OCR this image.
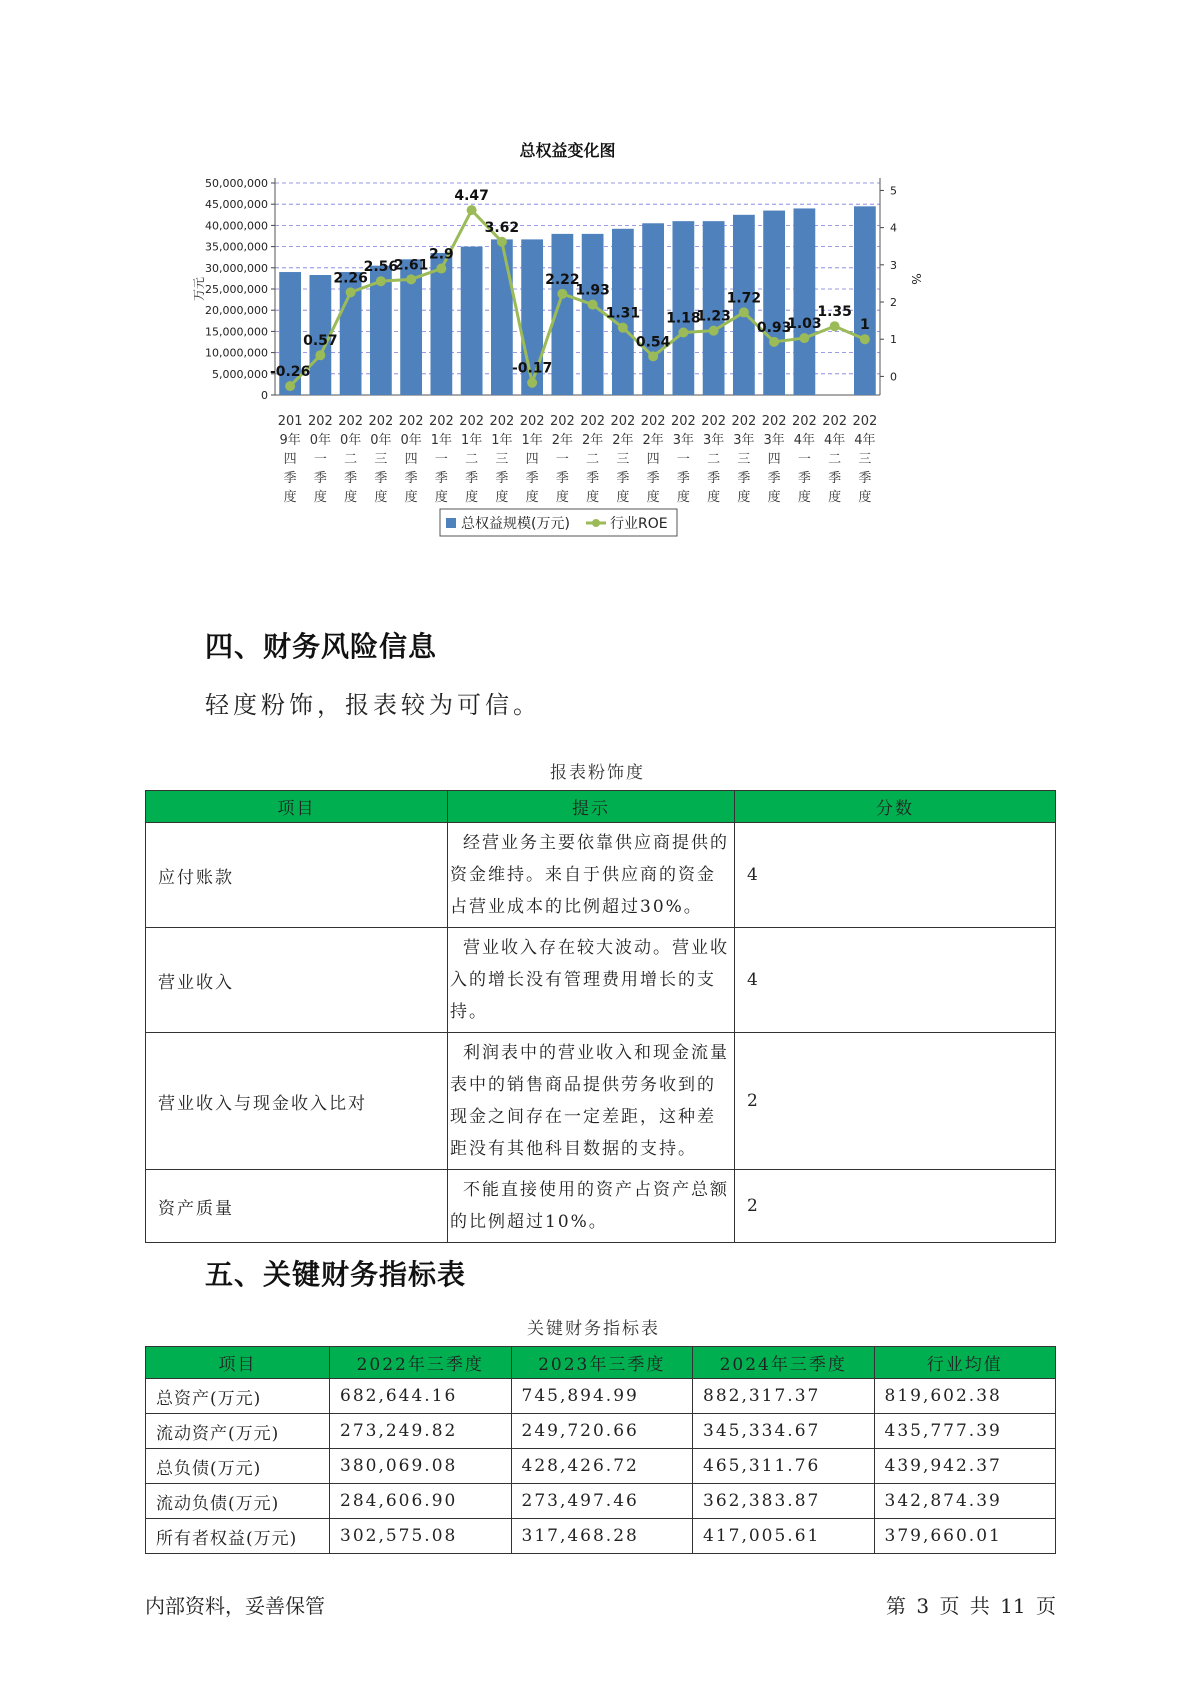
总权益变化图
0
5,000,000
10,000,000
15,000,000
20,000,000
25,000,000
30,000,000
35,000,000
40,000,000
45,000,000
50,000,000
0
1
2
3
4
5
万元	%
201
9年
四
季
度
202
0年
一
季
度
202
0年
二
季
度
202
0年
三
季
度
202
0年
四
季
度
202
1年
一
季
度
202
1年
二
季
度
202
1年
三
季
度
202
1年
四
季
度
202
2年
一
季
度
202
2年
二
季
度
202
2年
三
季
度
202
2年
四
季
度
202
3年
一
季
度
202
3年
二
季
度
202
3年
三
季
度
202
3年
四
季
度
202
4年
一
季
度
202
4年
二
季
度
202
4年
三
季
度
-0.26
0.57
2.26
2.56
2.61
2.9
4.47
3.62
-0.17
2.22
1.93
1.31
0.54
1.18
1.23
1.72
0.93
1.03
1.35
1
总权益规模(万元)	行业ROE
四、财务风险信息
轻度粉饰，报表较为可信。
报表粉饰度
项目	提示	分数
应付账款	经营业务主要依靠供应商提供的资金维持。来自于供应商的资金占营业成本的比例超过30%。	4
营业收入	营业收入存在较大波动。营业收入的增长没有管理费用增长的支持。	4
营业收入与现金收入比对	利润表中的营业收入和现金流量表中的销售商品提供劳务收到的现金之间存在一定差距，这种差距没有其他科目数据的支持。	2
资产质量	不能直接使用的资产占资产总额的比例超过10%。	2
五、关键财务指标表
关键财务指标表
项目	2022年三季度	2023年三季度	2024年三季度	行业均值
总资产(万元)	682,644.16	745,894.99	882,317.37	819,602.38
流动资产(万元)	273,249.82	249,720.66	345,334.67	435,777.39
总负债(万元)	380,069.08	428,426.72	465,311.76	439,942.37
流动负债(万元)	284,606.90	273,497.46	362,383.87	342,874.39
所有者权益(万元)	302,575.08	317,468.28	417,005.61	379,660.01
内部资料，妥善保管	第 3 页 共 11 页
